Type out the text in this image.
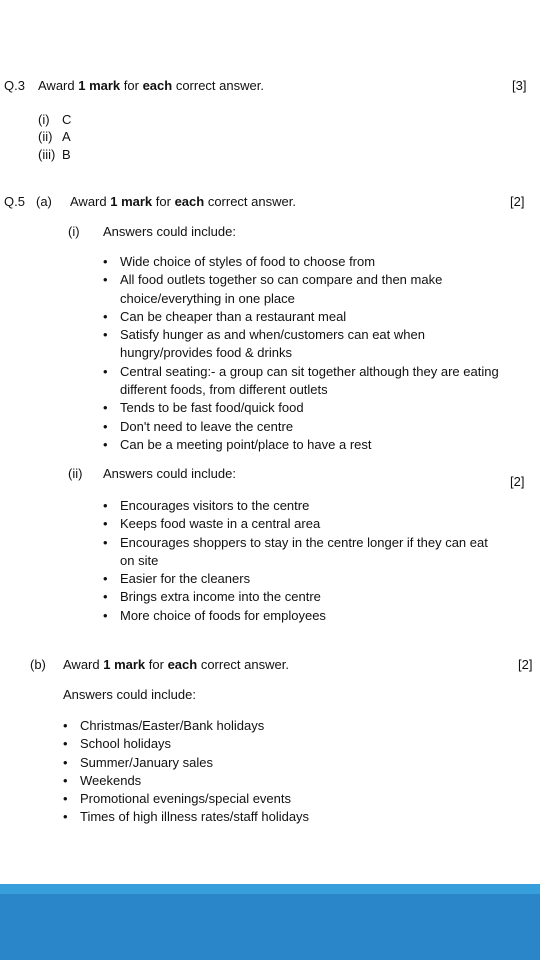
Q.3 Award 1 mark for each correct answer.	[3]
(i) C
(ii) A
(iii) B
Q.5 (a) Award 1 mark for each correct answer.	[2]
(i) Answers could include:
• Wide choice of styles of food to choose from
• All food outlets together so can compare and then make
choice/everything in one place
• Can be cheaper than a restaurant meal
• Satisfy hunger as and when/customers can eat when
hungry/provides food & drinks
• Central seating:- a group can sit together although they are eating
different foods, from different outlets
• Tends to be fast food/quick food
• Don't need to leave the centre
• Can be a meeting point/place to have a rest
(ii) Answers could include:
[2]
• Encourages visitors to the centre
• Keeps food waste in a central area
• Encourages shoppers to stay in the centre longer if they can eat
on site
• Easier for the cleaners
• Brings extra income into the centre
• More choice of foods for employees
(b) Award 1 mark for each correct answer.	[2]
Answers could include:
• Christmas/Easter/Bank holidays
• School holidays
• Summer/January sales
• Weekends
• Promotional evenings/special events
• Times of high illness rates/staff holidays
